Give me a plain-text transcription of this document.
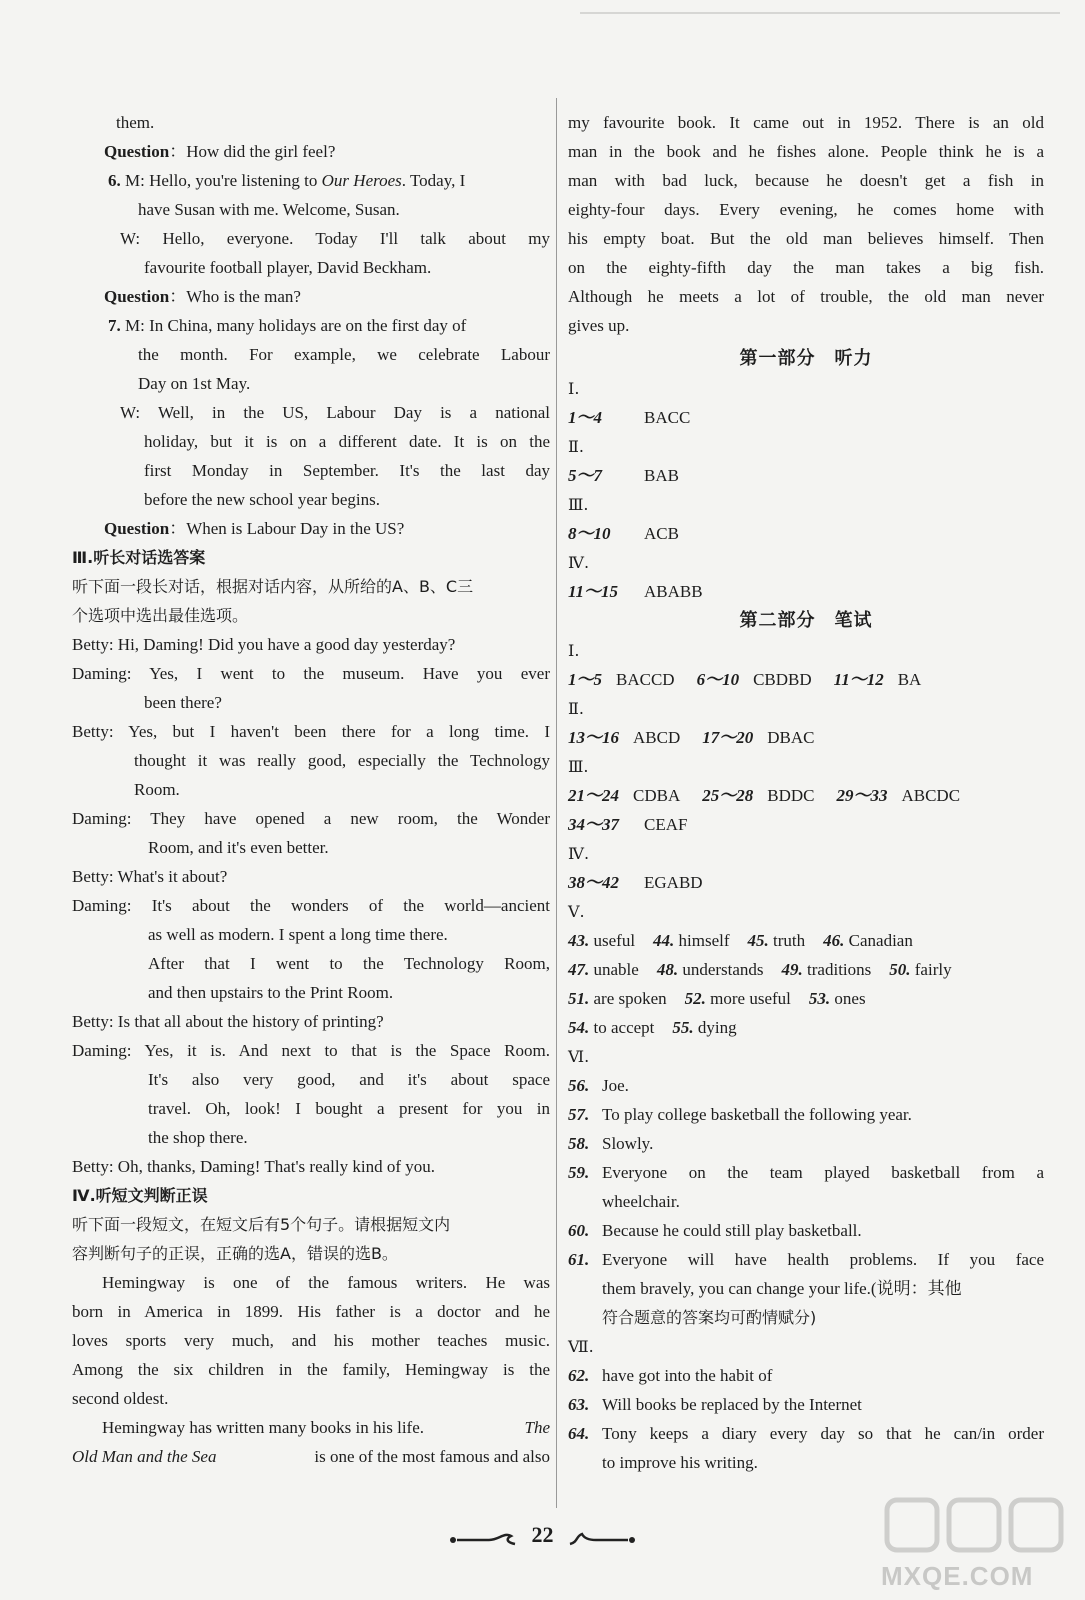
them.
Question：How did the girl feel?
6. M: Hello, you're listening to Our Heroes. Today, I
have Susan with me. Welcome, Susan.
W: Hello, everyone. Today I'll talk about my
favourite football player, David Beckham.
Question：Who is the man?
7. M: In China, many holidays are on the first day of
the month. For example, we celebrate Labour
Day on 1st May.
W: Well, in the US, Labour Day is a national
holiday, but it is on a different date. It is on the
first Monday in September. It's the last day
before the new school year begins.
Question：When is Labour Day in the US?
Ⅲ.听长对话选答案
听下面一段长对话，根据对话内容，从所给的A、B、C三
个选项中选出最佳选项。
Betty: Hi, Daming! Did you have a good day yesterday?
Daming: Yes, I went to the museum. Have you ever
been there?
Betty: Yes, but I haven't been there for a long time. I
thought it was really good, especially the Technology
Room.
Daming: They have opened a new room, the Wonder
Room, and it's even better.
Betty: What's it about?
Daming: It's about the wonders of the world—ancient
as well as modern. I spent a long time there.
After that I went to the Technology Room,
and then upstairs to the Print Room.
Betty: Is that all about the history of printing?
Daming: Yes, it is. And next to that is the Space Room.
It's also very good, and it's about space
travel. Oh, look! I bought a present for you in
the shop there.
Betty: Oh, thanks, Daming! That's really kind of you.
Ⅳ.听短文判断正误
听下面一段短文，在短文后有5个句子。请根据短文内
容判断句子的正误，正确的选A，错误的选B。
Hemingway is one of the famous writers. He was
born in America in 1899. His father is a doctor and he
loves sports very much, and his mother teaches music.
Among the six children in the family, Hemingway is the
second oldest.
Hemingway has written many books in his life.	The
Old Man and the Sea	is one of the most famous and also
my favourite book. It came out in 1952. There is an old
man in the book and he fishes alone. People think he is a
man with bad luck, because he doesn't get a fish in
eighty-four days. Every evening, he comes home with
his empty boat. But the old man believes himself. Then
on the eighty-fifth day the man takes a big fish.
Although he meets a lot of trouble, the old man never
gives up.
第一部分　听力
Ⅰ.
1～4 BACC
Ⅱ.
5～7 BAB
Ⅲ.
8～10 ACB
Ⅳ.
11～15 ABABB
第二部分　笔试
Ⅰ.
1～5 BACCD 6～10 CBDBD 11～12 BA
Ⅱ.
13～16 ABCD 17～20 DBAC
Ⅲ.
21～24 CDBA 25～28 BDDC 29～33 ABCDC
34～37 CEAF
Ⅳ.
38～42 EGABD
Ⅴ.
43. useful 44. himself 45. truth 46. Canadian
47. unable 48. understands 49. traditions 50. fairly
51. are spoken 52. more useful 53. ones
54. to accept 55. dying
Ⅵ.
56. Joe.
57. To play college basketball the following year.
58. Slowly.
59. Everyone on the team played basketball from a
wheelchair.
60. Because he could still play basketball.
61. Everyone will have health problems. If you face
them bravely, you can change your life.(说明：其他
符合题意的答案均可酌情赋分)
Ⅶ.
62. have got into the habit of
63. Will books be replaced by the Internet
64. Tony keeps a diary every day so that he can/in order
to improve his writing.
22
MXQE.COM
